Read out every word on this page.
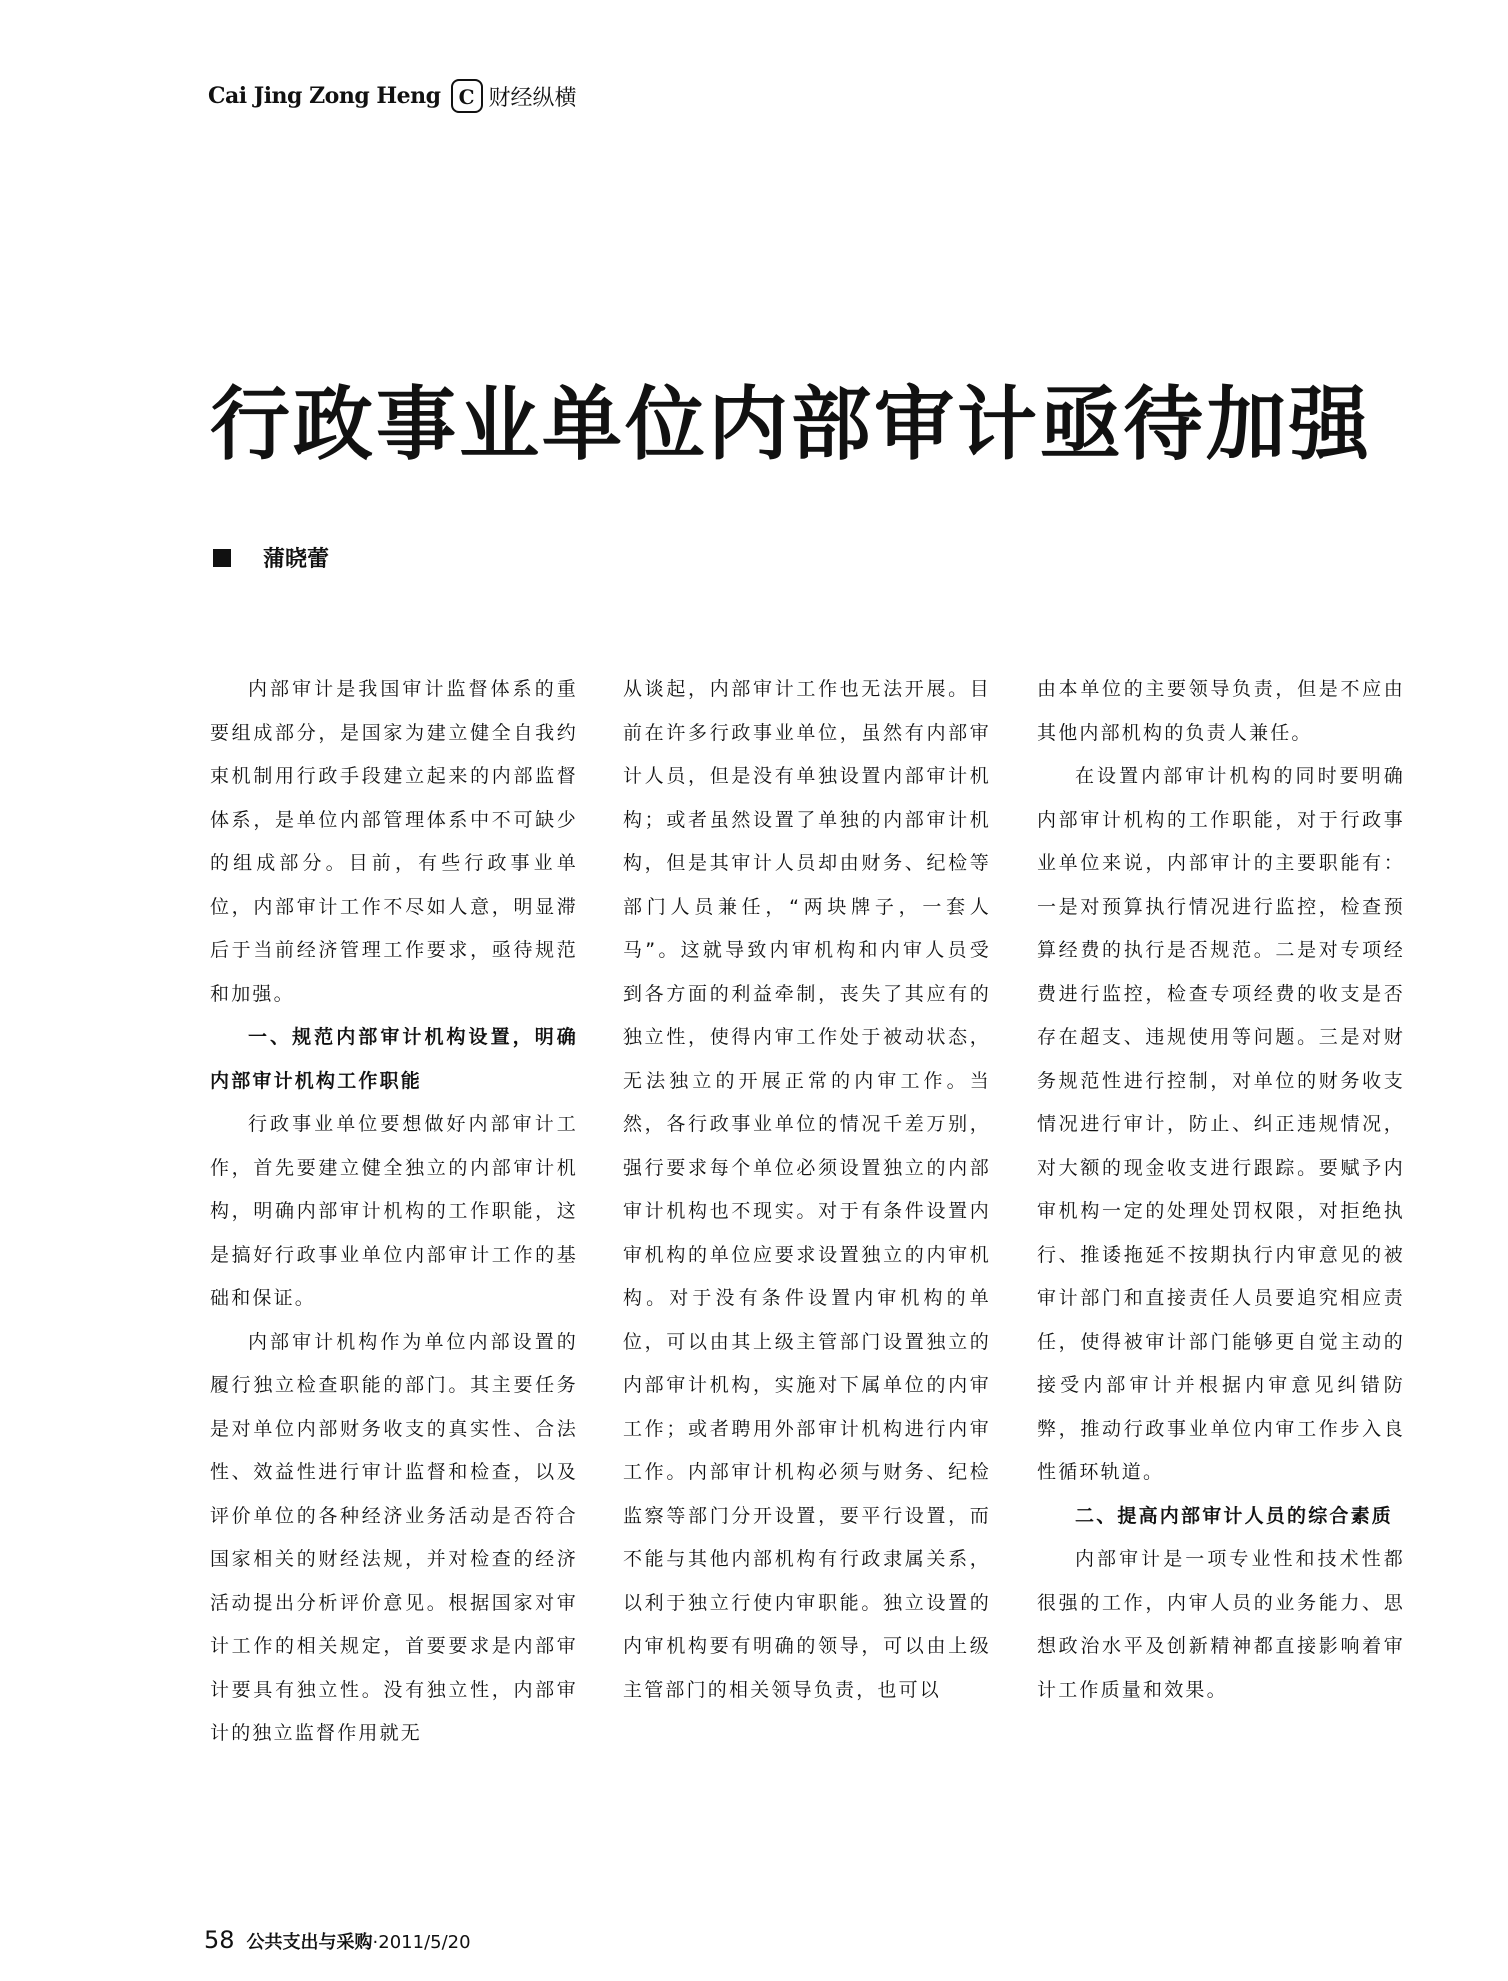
Cai Jing Zong Heng C 财经纵横
行政事业单位内部审计亟待加强
蒲晓蕾

内部审计是我国审计监督体系的重要组成部分，是国家为建立健全自我约束机制用行政手段建立起来的内部监督体系，是单位内部管理体系中不可缺少的组成部分。目前，有些行政事业单位，内部审计工作不尽如人意，明显滞后于当前经济管理工作要求，亟待规范和加强。

一、规范内部审计机构设置，明确内部审计机构工作职能

行政事业单位要想做好内部审计工作，首先要建立健全独立的内部审计机构，明确内部审计机构的工作职能，这是搞好行政事业单位内部审计工作的基础和保证。

内部审计机构作为单位内部设置的履行独立检查职能的部门。其主要任务是对单位内部财务收支的真实性、合法性、效益性进行审计监督和检查，以及评价单位的各种经济业务活动是否符合国家相关的财经法规，并对检查的经济活动提出分析评价意见。根据国家对审计工作的相关规定，首要要求是内部审计要具有独立性。没有独立性，内部审计的独立监督作用就无

从谈起，内部审计工作也无法开展。目前在许多行政事业单位，虽然有内部审计人员，但是没有单独设置内部审计机构；或者虽然设置了单独的内部审计机构，但是其审计人员却由财务、纪检等部门人员兼任，“两块牌子，一套人马”。这就导致内审机构和内审人员受到各方面的利益牵制，丧失了其应有的独立性，使得内审工作处于被动状态，无法独立的开展正常的内审工作。当然，各行政事业单位的情况千差万别，强行要求每个单位必须设置独立的内部审计机构也不现实。对于有条件设置内审机构的单位应要求设置独立的内审机构。对于没有条件设置内审机构的单位，可以由其上级主管部门设置独立的内部审计机构，实施对下属单位的内审工作；或者聘用外部审计机构进行内审工作。内部审计机构必须与财务、纪检监察等部门分开设置，要平行设置，而不能与其他内部机构有行政隶属关系，以利于独立行使内审职能。独立设置的内审机构要有明确的领导，可以由上级主管部门的相关领导负责，也可以

由本单位的主要领导负责，但是不应由其他内部机构的负责人兼任。

在设置内部审计机构的同时要明确内部审计机构的工作职能，对于行政事业单位来说，内部审计的主要职能有：一是对预算执行情况进行监控，检查预算经费的执行是否规范。二是对专项经费进行监控，检查专项经费的收支是否存在超支、违规使用等问题。三是对财务规范性进行控制，对单位的财务收支情况进行审计，防止、纠正违规情况，对大额的现金收支进行跟踪。要赋予内审机构一定的处理处罚权限，对拒绝执行、推诿拖延不按期执行内审意见的被审计部门和直接责任人员要追究相应责任，使得被审计部门能够更自觉主动的接受内部审计并根据内审意见纠错防弊，推动行政事业单位内审工作步入良性循环轨道。

二、提高内部审计人员的综合素质

内部审计是一项专业性和技术性都很强的工作，内审人员的业务能力、思想政治水平及创新精神都直接影响着审计工作质量和效果。

58 公共支出与采购 ·2011/5/20
